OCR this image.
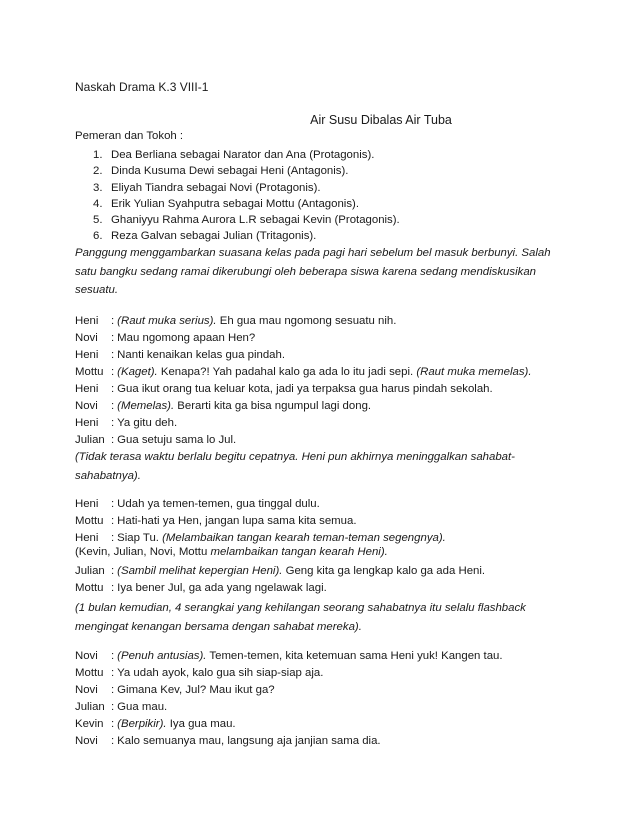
Naskah Drama K.3 VIII-1
Air Susu Dibalas Air Tuba
Pemeran dan Tokoh :
1. Dea Berliana sebagai Narator dan Ana (Protagonis).
2. Dinda Kusuma Dewi sebagai Heni (Antagonis).
3. Eliyah Tiandra sebagai Novi (Protagonis).
4. Erik Yulian Syahputra sebagai Mottu (Antagonis).
5. Ghaniyyu Rahma Aurora L.R sebagai Kevin (Protagonis).
6. Reza Galvan sebagai Julian (Tritagonis).
Panggung menggambarkan suasana kelas pada pagi hari sebelum bel masuk berbunyi. Salah satu bangku sedang ramai dikerubungi oleh beberapa siswa karena sedang mendiskusikan sesuatu.
Heni	: (Raut muka serius). Eh gua mau ngomong sesuatu nih.
Novi	: Mau ngomong apaan Hen?
Heni	: Nanti kenaikan kelas gua pindah.
Mottu : (Kaget). Kenapa?! Yah padahal kalo ga ada lo itu jadi sepi. (Raut muka memelas).
Heni	: Gua ikut orang tua keluar kota, jadi ya terpaksa gua harus pindah sekolah.
Novi	: (Memelas). Berarti kita ga bisa ngumpul lagi dong.
Heni	: Ya gitu deh.
Julian : Gua setuju sama lo Jul.
(Tidak terasa waktu berlalu begitu cepatnya. Heni pun akhirnya meninggalkan sahabat-sahabatnya).
Heni	: Udah ya temen-temen, gua tinggal dulu.
Mottu : Hati-hati ya Hen, jangan lupa sama kita semua.
Heni	: Siap Tu. (Melambaikan tangan kearah teman-teman segengnya).
(Kevin, Julian, Novi, Mottu melambaikan tangan kearah Heni).
Julian : (Sambil melihat kepergian Heni). Geng kita ga lengkap kalo ga ada Heni.
Mottu : Iya bener Jul, ga ada yang ngelawak lagi.
(1 bulan kemudian, 4 serangkai yang kehilangan seorang sahabatnya itu selalu flashback mengingat kenangan bersama dengan sahabat mereka).
Novi	: (Penuh antusias). Temen-temen, kita ketemuan sama Heni yuk! Kangen tau.
Mottu : Ya udah ayok, kalo gua sih siap-siap aja.
Novi	: Gimana Kev, Jul? Mau ikut ga?
Julian : Gua mau.
Kevin : (Berpikir). Iya gua mau.
Novi	: Kalo semuanya mau, langsung aja janjian sama dia.
